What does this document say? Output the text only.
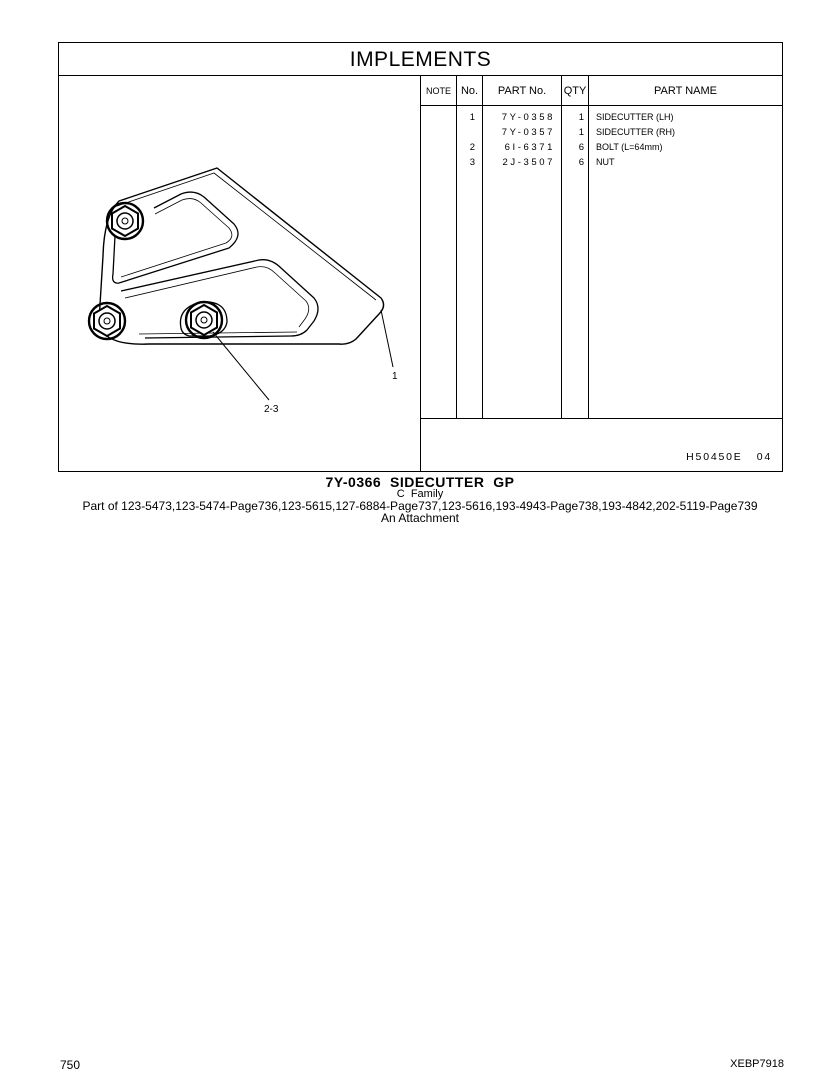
IMPLEMENTS
1
2-3
NOTE No.
1
2
3
PART No.
7Y-0358
7Y-0357
6I-6371
2J-3507
QTY
1
1
6
6
PART NAME
SIDECUTTER (LH)
SIDECUTTER (RH)
BOLT (L=64mm)
NUT
H50450E   04
7Y-0366  SIDECUTTER  GP
C  Family
Part of 123-5473,123-5474-Page736,123-5615,127-6884-Page737,123-5616,193-4943-Page738,193-4842,202-5119-Page739
An Attachment
750	XEBP7918
